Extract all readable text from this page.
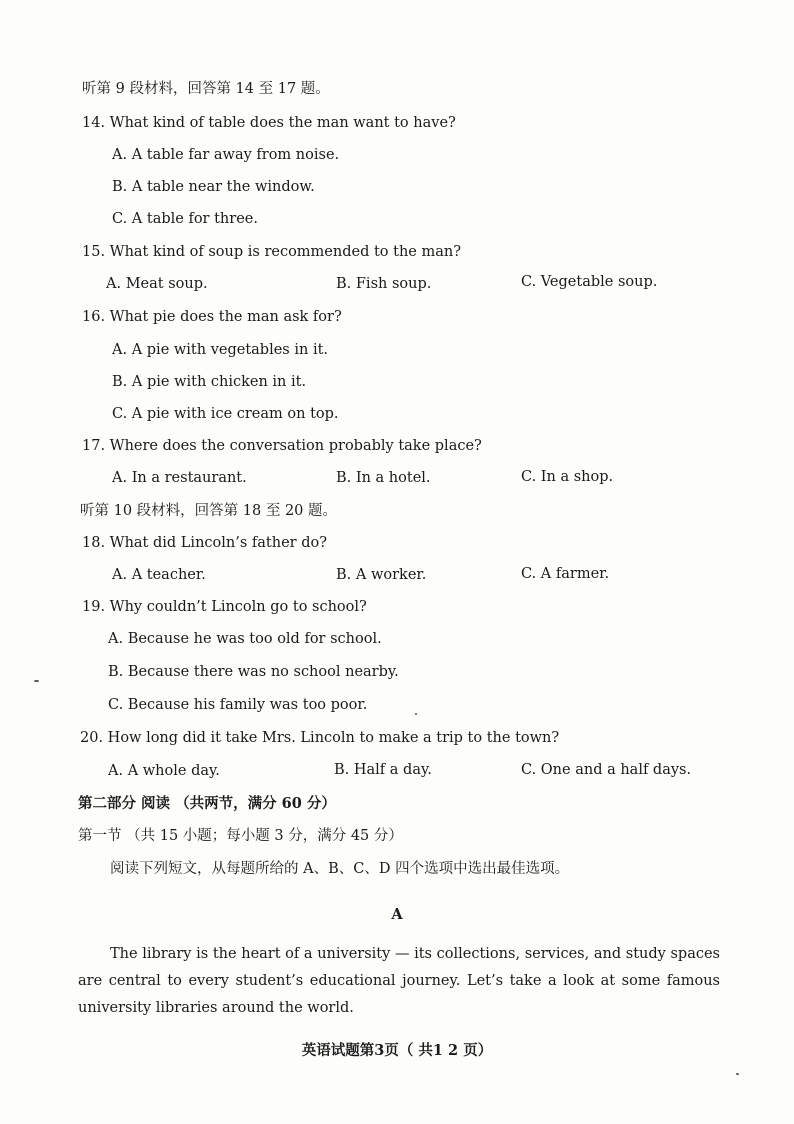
听第 9 段材料，回答第 14 至 17 题。
14. What kind of table does the man want to have?
A. A table far away from noise.
B. A table near the window.
C. A table for three.
15. What kind of soup is recommended to the man?
A. Meat soup.	B. Fish soup.	C. Vegetable soup.
16. What pie does the man ask for?
A. A pie with vegetables in it.
B. A pie with chicken in it.
C. A pie with ice cream on top.
17. Where does the conversation probably take place?
A. In a restaurant.	B. In a hotel.	C. In a shop.
听第 10 段材料，回答第 18 至 20 题。
18. What did Lincoln’s father do?
A. A teacher.	B. A worker.	C. A farmer.
19. Why couldn’t Lincoln go to school?
A. Because he was too old for school.
B. Because there was no school nearby.
C. Because his family was too poor.
20. How long did it take Mrs. Lincoln to make a trip to the town?
A. A whole day.	B. Half a day.	C. One and a half days.
第二部分 阅读 （共两节，满分 60 分）
第一节 （共 15 小题；每小题 3 分，满分 45 分）
阅读下列短文，从每题所给的 A、B、C、D 四个选项中选出最佳选项。
A
The library is the heart of a university — its collections, services, and study spaces are central to every student’s educational journey. Let’s take a look at some famous university libraries around the world.
英语试题第3页（ 共1 2 页）
